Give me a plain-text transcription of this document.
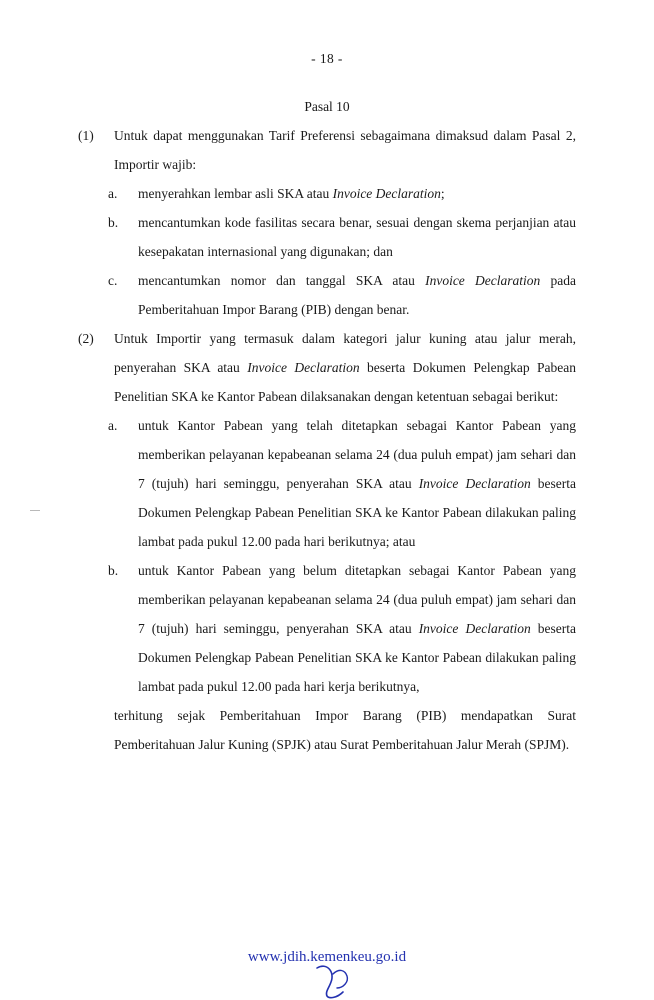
- 18 -
Pasal 10
(1)	Untuk dapat menggunakan Tarif Preferensi sebagaimana dimaksud dalam Pasal 2, Importir wajib:
a.	menyerahkan lembar asli SKA atau Invoice Declaration;
b.	mencantumkan kode fasilitas secara benar, sesuai dengan skema perjanjian atau kesepakatan internasional yang digunakan; dan
c.	mencantumkan nomor dan tanggal SKA atau Invoice Declaration pada Pemberitahuan Impor Barang (PIB) dengan benar.
(2)	Untuk Importir yang termasuk dalam kategori jalur kuning atau jalur merah, penyerahan SKA atau Invoice Declaration beserta Dokumen Pelengkap Pabean Penelitian SKA ke Kantor Pabean dilaksanakan dengan ketentuan sebagai berikut:
a.	untuk Kantor Pabean yang telah ditetapkan sebagai Kantor Pabean yang memberikan pelayanan kepabeanan selama 24 (dua puluh empat) jam sehari dan 7 (tujuh) hari seminggu, penyerahan SKA atau Invoice Declaration beserta Dokumen Pelengkap Pabean Penelitian SKA ke Kantor Pabean dilakukan paling lambat pada pukul 12.00 pada hari berikutnya; atau
b.	untuk Kantor Pabean yang belum ditetapkan sebagai Kantor Pabean yang memberikan pelayanan kepabeanan selama 24 (dua puluh empat) jam sehari dan 7 (tujuh) hari seminggu, penyerahan SKA atau Invoice Declaration beserta Dokumen Pelengkap Pabean Penelitian SKA ke Kantor Pabean dilakukan paling lambat pada pukul 12.00 pada hari kerja berikutnya,
terhitung sejak Pemberitahuan Impor Barang (PIB) mendapatkan Surat Pemberitahuan Jalur Kuning (SPJK) atau Surat Pemberitahuan Jalur Merah (SPJM).
www.jdih.kemenkeu.go.id
